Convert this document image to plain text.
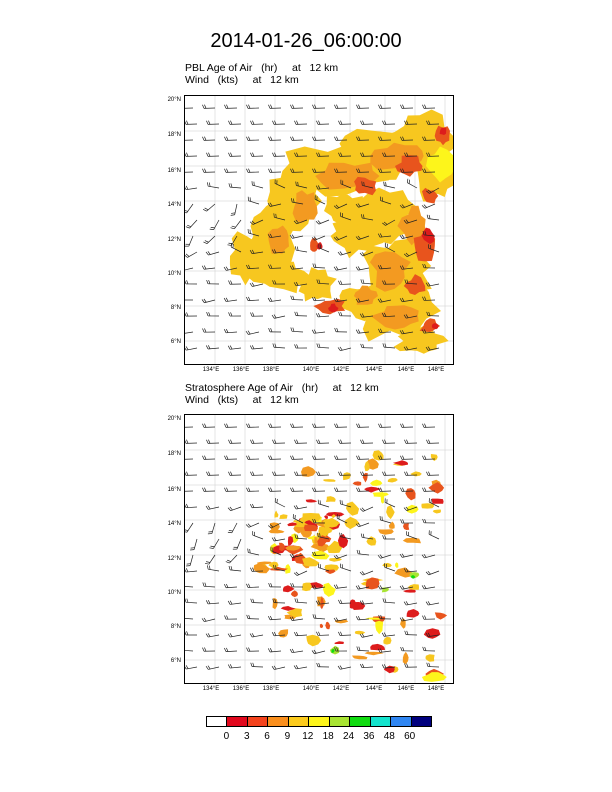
2014-01-26_06:00:00
PBL Age of Air   (hr)     at   12 km
Wind   (kts)     at   12 km
Stratosphere Age of Air   (hr)     at   12 km
Wind   (kts)     at   12 km
20°N
18°N
16°N
14°N
12°N
10°N
8°N
6°N
134°E	136°E	138°E	140°E	142°E	144°E	146°E	148°E
20°N
18°N
16°N
14°N
12°N
10°N
8°N
6°N
134°E	136°E	138°E	140°E	142°E	144°E	146°E	148°E
0	3	6	9	12 18 24 36 48 60
